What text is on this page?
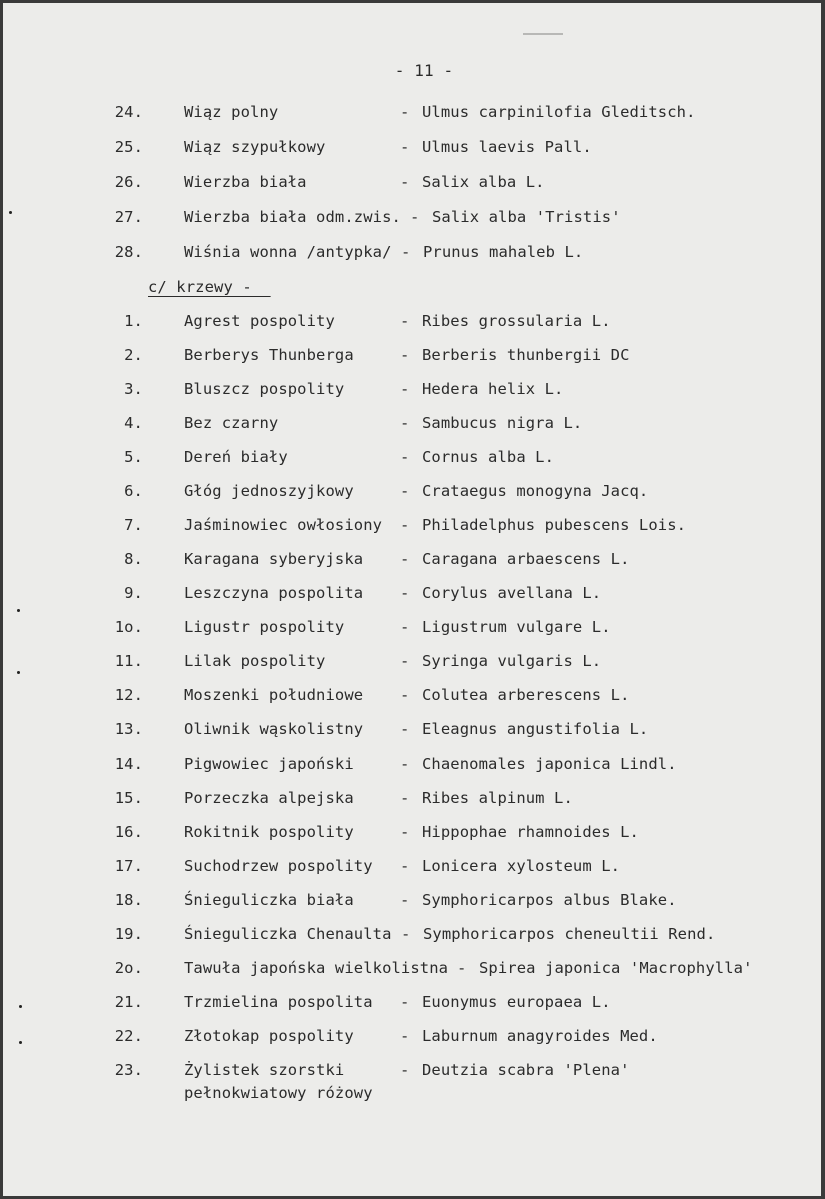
- 11 -
24.	Wiąz polny	- Ulmus carpinilofia Gleditsch.
25.	Wiąz szypułkowy	- Ulmus laevis Pall.
26.	Wierzba biała	- Salix alba L.
27.	Wierzba biała odm.zwis. - Salix alba 'Tristis'
28.	Wiśnia wonna /antypka/ - Prunus mahaleb L.
c/ krzewy -
1.	Agrest pospolity	- Ribes grossularia L.
2.	Berberys Thunberga	- Berberis thunbergii DC
3.	Bluszcz pospolity	- Hedera helix L.
4.	Bez czarny	- Sambucus nigra L.
5.	Dereń biały	- Cornus alba L.
6.	Głóg jednoszyjkowy	- Crataegus monogyna Jacq.
7.	Jaśminowiec owłosiony - Philadelphus pubescens Lois.
8.	Karagana syberyjska - Caragana arbaescens L.
9.	Leszczyna pospolita - Corylus avellana L.
1o.	Ligustr pospolity	- Ligustrum vulgare L.
11.	Lilak pospolity	- Syringa vulgaris L.
12.	Moszenki południowe - Colutea arberescens L.
13.	Oliwnik wąskolistny - Eleagnus angustifolia L.
14.	Pigwowiec japoński	- Chaenomales japonica Lindl.
15.	Porzeczka alpejska	- Ribes alpinum L.
16.	Rokitnik pospolity	- Hippophae rhamnoides L.
17.	Suchodrzew pospolity - Lonicera xylosteum L.
18.	Śnieguliczka biała	- Symphoricarpos albus Blake.
19.	Śnieguliczka Chenaulta - Symphoricarpos cheneultii Rend.
2o.	Tawuła japońska wielkolistna - Spirea japonica 'Macrophylla'
21.	Trzmielina pospolita - Euonymus europaea L.
22.	Złotokap pospolity	- Laburnum anagyroides Med.
23.	Żylistek szorstki	- Deutzia scabra 'Plena'
pełnokwiatowy różowy
